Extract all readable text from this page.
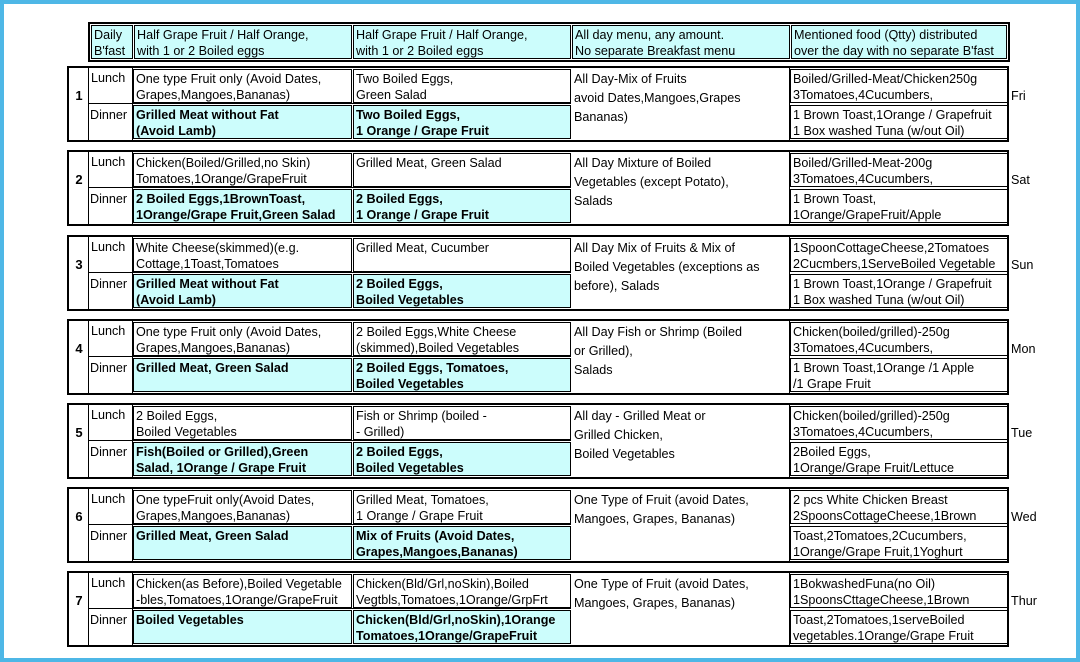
Daily
B'fast
Half Grape Fruit / Half Orange,
with 1 or 2 Boiled eggs
Half Grape Fruit / Half Orange,
with 1 or 2 Boiled eggs
All day menu, any amount.
No separate Breakfast menu
Mentioned food (Qtty) distributed
over the day with no separate B'fast
1
Lunch
Dinner
One type Fruit only (Avoid Dates,
Grapes,Mangoes,Bananas)
Grilled Meat without Fat
(Avoid Lamb)
Two Boiled Eggs,
Green Salad
Two Boiled Eggs,
1 Orange / Grape Fruit
All Day-Mix of Fruits
avoid Dates,Mangoes,Grapes
Bananas)
Boiled/Grilled-Meat/Chicken250g
3Tomatoes,4Cucumbers,
1 Brown Toast,1Orange / Grapefruit
1 Box washed Tuna (w/out Oil)
Fri
2
Lunch
Dinner
Chicken(Boiled/Grilled,no Skin)
Tomatoes,1Orange/GrapeFruit
2 Boiled Eggs,1BrownToast,
1Orange/Grape Fruit,Green Salad
Grilled Meat, Green Salad
2 Boiled Eggs,
1 Orange / Grape Fruit
All Day Mixture of Boiled
Vegetables (except Potato),
Salads
Boiled/Grilled-Meat-200g
3Tomatoes,4Cucumbers,
1 Brown Toast,
1Orange/GrapeFruit/Apple
Sat
3
Lunch
Dinner
White Cheese(skimmed)(e.g.
Cottage,1Toast,Tomatoes
Grilled Meat without Fat
(Avoid Lamb)
Grilled Meat, Cucumber
2 Boiled Eggs,
Boiled Vegetables
All Day Mix of Fruits & Mix of
Boiled Vegetables (exceptions as
before), Salads
1SpoonCottageCheese,2Tomatoes
2Cucmbers,1ServeBoiled Vegetable
1 Brown Toast,1Orange / Grapefruit
1 Box washed Tuna (w/out Oil)
Sun
4
Lunch
Dinner
One type Fruit only (Avoid Dates,
Grapes,Mangoes,Bananas)
Grilled Meat, Green Salad
2 Boiled Eggs,White Cheese
(skimmed),Boiled Vegetables
2 Boiled Eggs, Tomatoes,
Boiled Vegetables
All Day Fish or Shrimp (Boiled
or Grilled),
Salads
Chicken(boiled/grilled)-250g
3Tomatoes,4Cucumbers,
1 Brown Toast,1Orange /1 Apple
/1 Grape Fruit
Mon
5
Lunch
Dinner
2 Boiled Eggs,
Boiled Vegetables
Fish(Boiled or Grilled),Green
Salad, 1Orange / Grape Fruit
Fish or Shrimp (boiled -
- Grilled)
2 Boiled Eggs,
Boiled Vegetables
All day - Grilled Meat or
Grilled Chicken,
Boiled Vegetables
Chicken(boiled/grilled)-250g
3Tomatoes,4Cucumbers,
2Boiled Eggs,
1Orange/Grape Fruit/Lettuce
Tue
6
Lunch
Dinner
One typeFruit only(Avoid Dates,
Grapes,Mangoes,Bananas)
Grilled Meat, Green Salad
Grilled Meat, Tomatoes,
1 Orange / Grape Fruit
Mix of Fruits (Avoid Dates,
Grapes,Mangoes,Bananas)
One Type of Fruit (avoid Dates,
Mangoes, Grapes, Bananas)
2 pcs White Chicken Breast
2SpoonsCottageCheese,1Brown
Toast,2Tomatoes,2Cucumbers,
1Orange/Grape Fruit,1Yoghurt
Wed
7
Lunch
Dinner
Chicken(as Before),Boiled Vegetable
-bles,Tomatoes,1Orange/GrapeFruit
Boiled Vegetables
Chicken(Bld/Grl,noSkin),Boiled
Vegtbls,Tomatoes,1Orange/GrpFrt
Chicken(Bld/Grl,noSkin),1Orange
Tomatoes,1Orange/GrapeFruit
One Type of Fruit (avoid Dates,
Mangoes, Grapes, Bananas)
1BokwashedFuna(no Oil)
1SpoonsCttageCheese,1Brown
Toast,2Tomatoes,1serveBoiled
vegetables.1Orange/Grape Fruit
Thur
